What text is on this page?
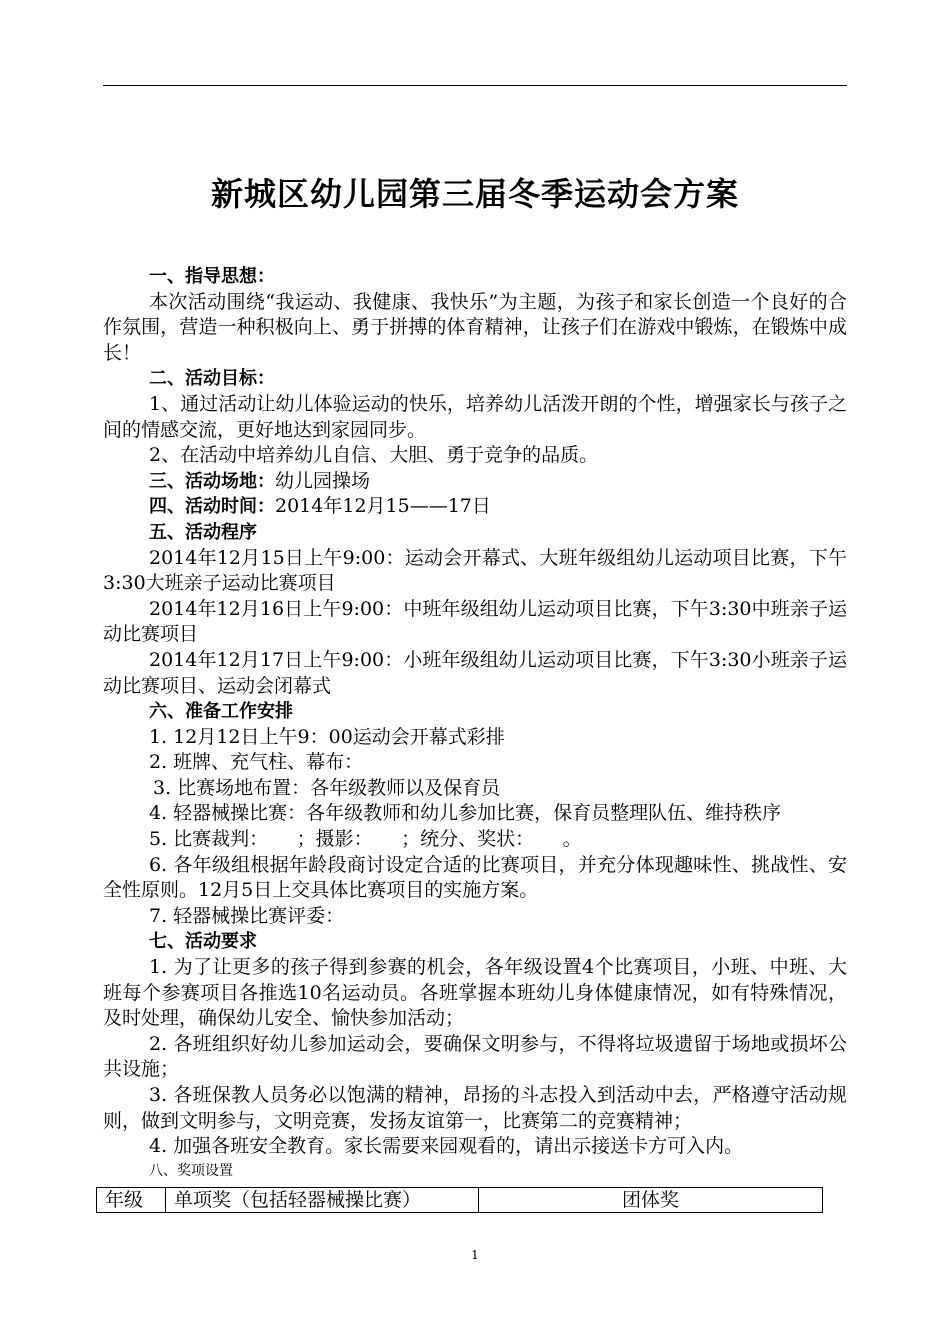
新城区幼儿园第三届冬季运动会方案

一、指导思想：

本次活动围绕“我运动、我健康、我快乐”为主题，为孩子和家长创造一个良好的合作氛围，营造一种积极向上、勇于拼搏的体育精神，让孩子们在游戏中锻炼，在锻炼中成长！

二、活动目标：

1、通过活动让幼儿体验运动的快乐，培养幼儿活泼开朗的个性，增强家长与孩子之间的情感交流，更好地达到家园同步。

2、在活动中培养幼儿自信、大胆、勇于竞争的品质。

三、活动场地：幼儿园操场

四、活动时间：2014年12月15——17日

五、活动程序

2014年12月15日上午9:00：运动会开幕式、大班年级组幼儿运动项目比赛，下午3:30大班亲子运动比赛项目

2014年12月16日上午9:00：中班年级组幼儿运动项目比赛，下午3:30中班亲子运动比赛项目

2014年12月17日上午9:00：小班年级组幼儿运动项目比赛，下午3:30小班亲子运动比赛项目、运动会闭幕式

六、准备工作安排

1. 12月12日上午9：00运动会开幕式彩排

2. 班牌、充气柱、幕布：

3. 比赛场地布置：各年级教师以及保育员

4. 轻器械操比赛：各年级教师和幼儿参加比赛，保育员整理队伍、维持秩序

5. 比赛裁判：　　；摄影：　　；统分、奖状：　　。

6. 各年级组根据年龄段商讨设定合适的比赛项目，并充分体现趣味性、挑战性、安全性原则。12月5日上交具体比赛项目的实施方案。

7. 轻器械操比赛评委：

七、活动要求

1. 为了让更多的孩子得到参赛的机会，各年级设置4个比赛项目，小班、中班、大班每个参赛项目各推选10名运动员。各班掌握本班幼儿身体健康情况，如有特殊情况，及时处理，确保幼儿安全、愉快参加活动；

2. 各班组织好幼儿参加运动会，要确保文明参与，不得将垃圾遗留于场地或损坏公共设施；

3. 各班保教人员务必以饱满的精神，昂扬的斗志投入到活动中去，严格遵守活动规则，做到文明参与，文明竞赛，发扬友谊第一，比赛第二的竞赛精神；

4. 加强各班安全教育。家长需要来园观看的，请出示接送卡方可入内。

八、奖项设置

年级	单项奖（包括轻器械操比赛）	团体奖
1
